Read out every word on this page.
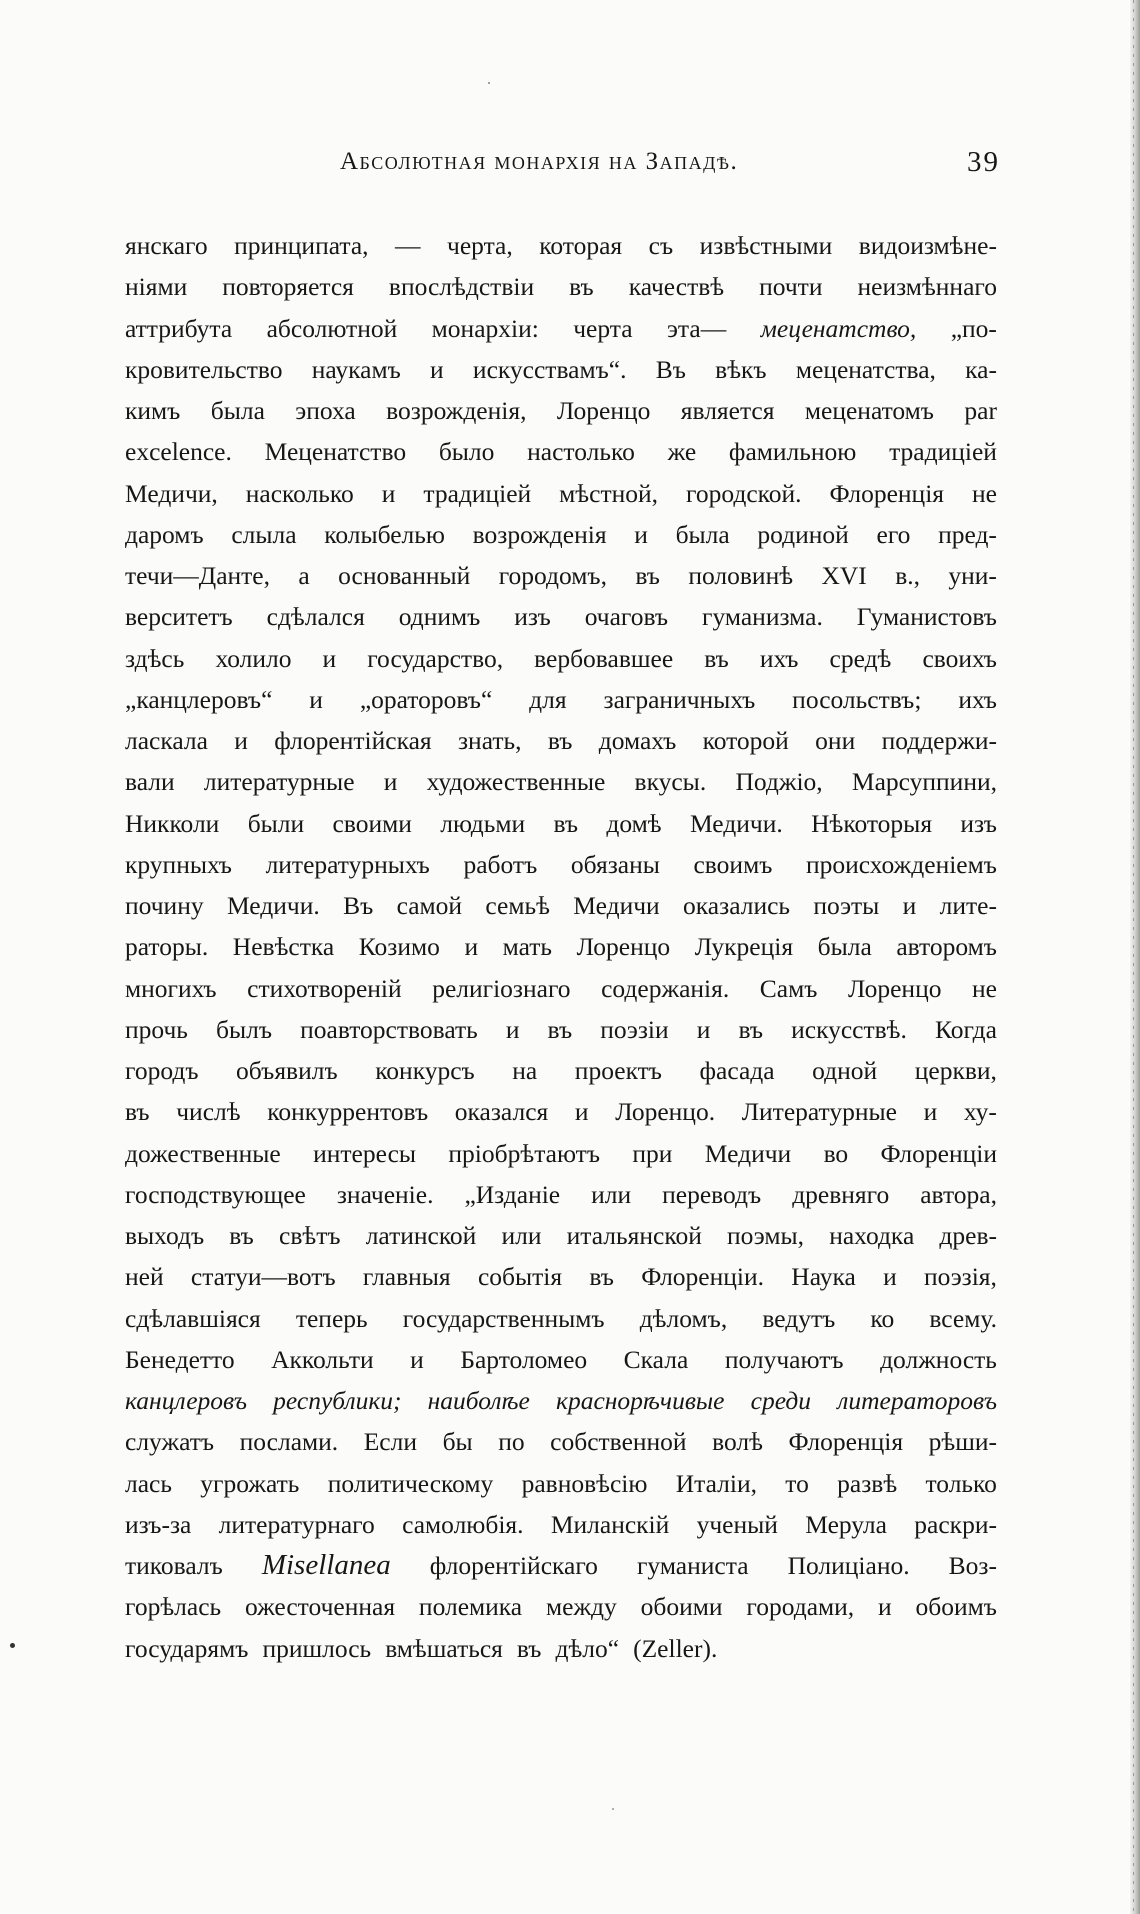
Абсолютная монархія на Западѣ.	39
янскаго принципата, — черта, которая съ извѣстными видоизмѣне-
ніями повторяется впослѣдствіи въ качествѣ почти неизмѣннаго
аттрибута абсолютной монархіи: черта эта— меценатство, „по-
кровительство наукамъ и искусствамъ“. Въ вѣкъ меценатства, ка-
кимъ была эпоха возрожденія, Лоренцо является меценатомъ par
excelence. Меценатство было настолько же фамильною традиціей
Медичи, насколько и традиціей мѣстной, городской. Флоренція не
даромъ слыла колыбелью возрожденія и была родиной его пред-
течи—Данте, а основанный городомъ, въ половинѣ XVI в., уни-
верситетъ сдѣлался однимъ изъ очаговъ гуманизма. Гуманистовъ
здѣсь холило и государство, вербовавшее въ ихъ средѣ своихъ
„канцлеровъ“ и „ораторовъ“ для заграничныхъ посольствъ; ихъ
ласкала и флорентійская знать, въ домахъ которой они поддержи-
вали литературные и художественные вкусы. Поджіо, Марсуппини,
Никколи были своими людьми въ домѣ Медичи. Нѣкоторыя изъ
крупныхъ литературныхъ работъ обязаны своимъ происхожденіемъ
почину Медичи. Въ самой семьѣ Медичи оказались поэты и лите-
раторы. Невѣстка Козимо и мать Лоренцо Лукреція была авторомъ
многихъ стихотвореній религіознаго содержанія. Самъ Лоренцо не
прочь былъ поавторствовать и въ поэзіи и въ искусствѣ. Когда
городъ объявилъ конкурсъ на проектъ фасада одной церкви,
въ числѣ конкуррентовъ оказался и Лоренцо. Литературные и ху-
дожественные интересы пріобрѣтаютъ при Медичи во Флоренціи
господствующее значеніе. „Изданіе или переводъ древняго автора,
выходъ въ свѣтъ латинской или итальянской поэмы, находка древ-
ней статуи—вотъ главныя событія въ Флоренціи. Наука и поэзія,
сдѣлавшіяся теперь государственнымъ дѣломъ, ведутъ ко всему.
Бенедетто Аккольти и Бартоломео Скала получаютъ должность
канцлеровъ республики; наиболѣе краснорѣчивые среди литераторовъ
служатъ послами. Если бы по собственной волѣ Флоренція рѣши-
лась угрожать политическому равновѣсію Италіи, то развѣ только
изъ-за литературнаго самолюбія. Миланскій ученый Мерула раскри-
тиковалъ Misellanea флорентійскаго гуманиста Полиціано. Воз-
горѣлась ожесточенная полемика между обоими городами, и обоимъ
государямъ пришлось вмѣшаться въ дѣло“ (Zeller).
